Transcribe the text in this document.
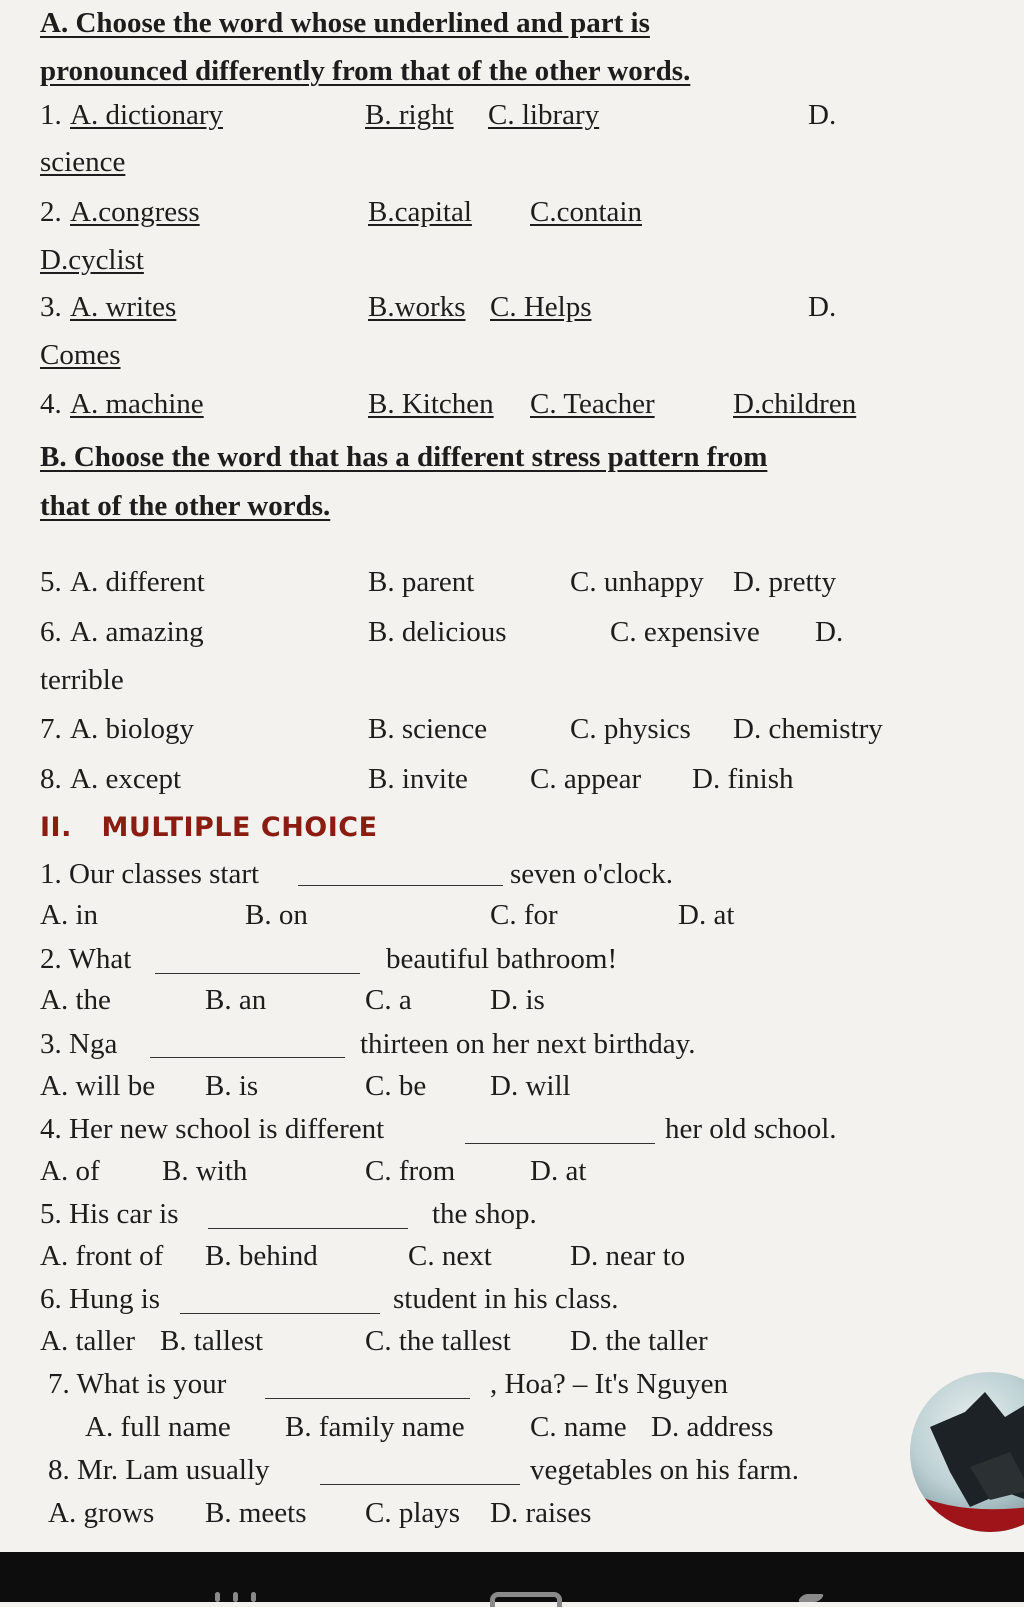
A. Choose the word whose underlined and part is
pronounced differently from that of the other words.
1. A. dictionary	B. right C. library	D.
science
2. A.congress	B.capital C.contain
D.cyclist
3. A. writes	B.works C. Helps	D.
Comes
4. A. machine	B. Kitchen C. Teacher	D.children
B. Choose the word that has a different stress pattern from
that of the other words.
5. A. different	B. parent	C. unhappy D. pretty
6. A. amazing	B. delicious	C. expensive D.
terrible
7. A. biology	B. science	C. physics D. chemistry
8. A. except	B. invite C. appear D. finish
II.   MULTIPLE CHOICE
1. Our classes start	seven o'clock.
A. in	B. on	C. for	D. at
2. What	beautiful bathroom!
A. the	B. an	C. a	D. is
3. Nga	thirteen on her next birthday.
A. will be B. is	C. be D. will
4. Her new school is different	her old school.
A. of B. with	C. from	D. at
5. His car is	the shop.
A. front of B. behind	C. next	D. near to
6. Hung is	student in his class.
A. taller B. tallest	C. the tallest D. the taller
7. What is your	, Hoa? – It's Nguyen
A. full name B. family name C. name D. address
8. Mr. Lam usually	vegetables on his farm.
A. grows B. meets C. plays D. raises
